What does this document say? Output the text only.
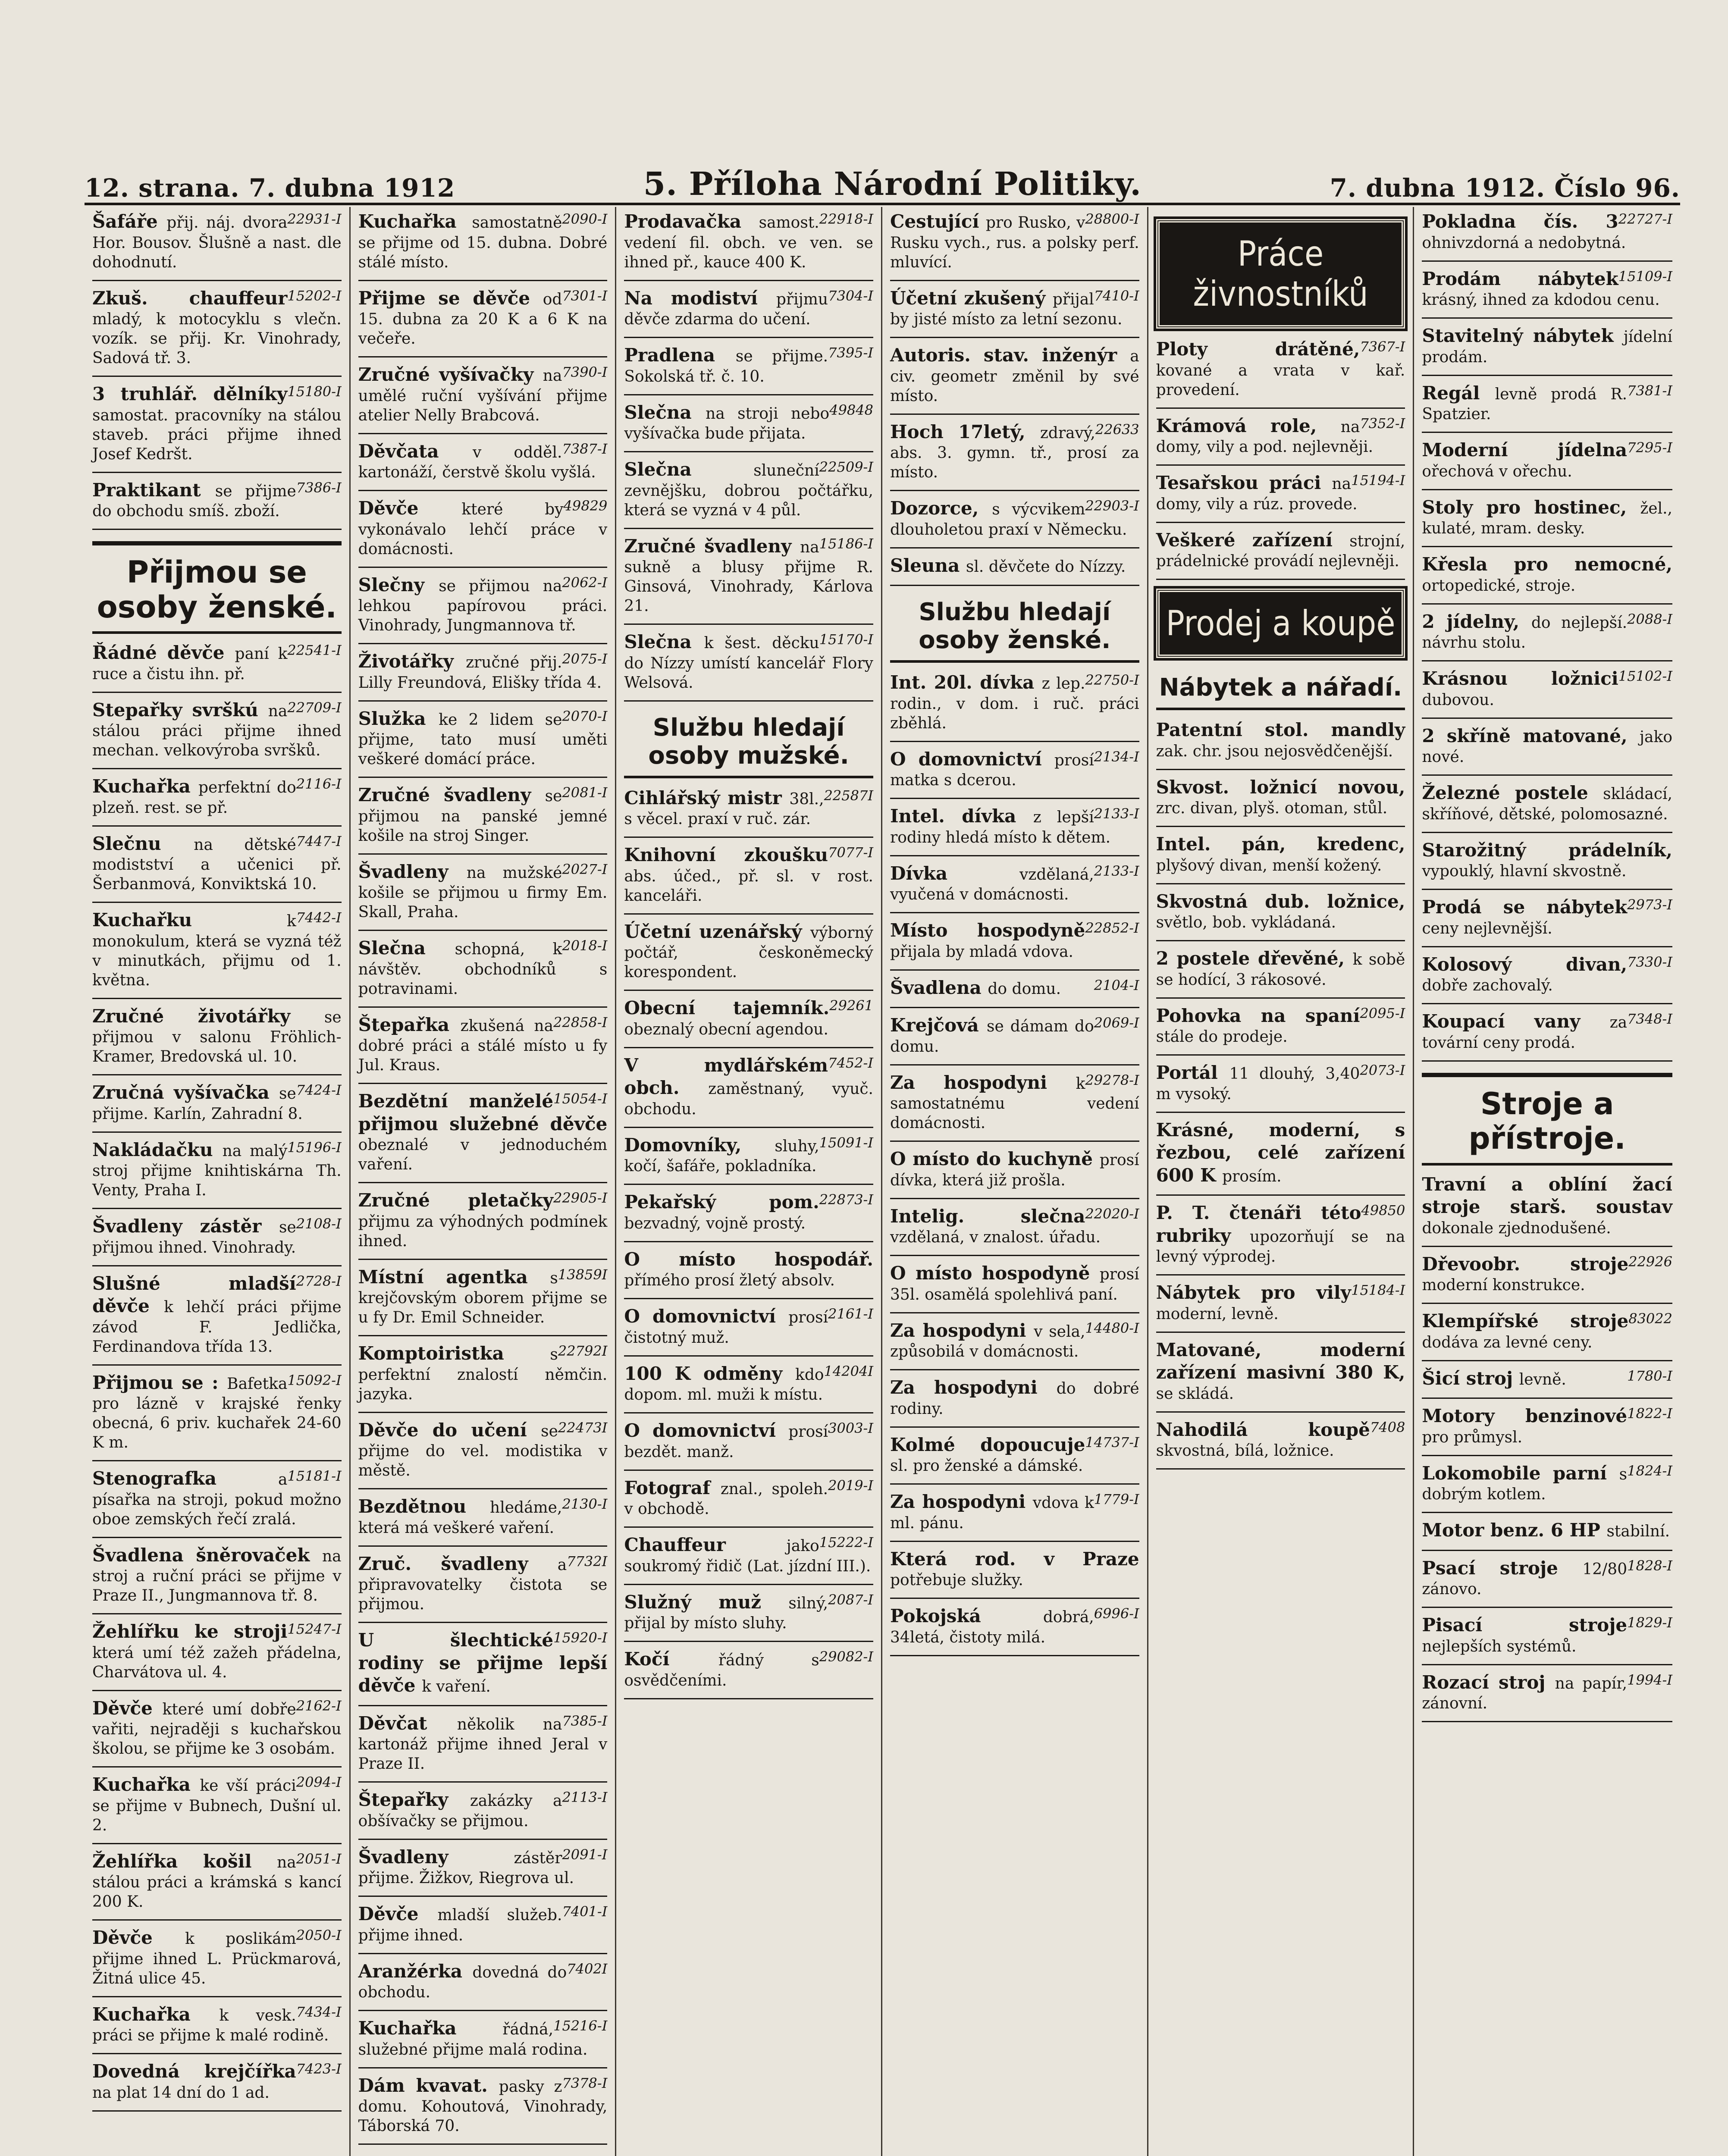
12. strana. 7. dubna 1912	5. Příloha Národní Politiky.	7. dubna 1912. Číslo 96.
22931-I
Šafáře přij. náj. dvora Hor. Bousov. Šlušně a nast. dle dohodnutí.
15202-I
Zkuš. chauffeur mladý, k motocyklu s vlečn. vozík. se přij. Kr. Vinohrady, Sadová tř. 3.
15180-I
3 truhlář. dělníky samostat. pracovníky na stálou staveb. práci přijme ihned Josef Kedršt.
7386-I
Praktikant se přijme do obchodu smíš. zboží.
Přijmou se osoby ženské.
22541-I
Řádné děvče paní k ruce a čistu ihn. př.
22709-I
Stepařky svrškú na stálou práci přijme ihned mechan. velkovýroba svršků.
2116-I
Kuchařka perfektní do plzeň. rest. se př.
7447-I
Slečnu na dětské modistství a učenici př. Šerbanmová, Konviktská 10.
7442-I
Kuchařku k monokulum, která se vyzná též v minutkách, přijmu od 1. května.
Zručné životářky se přijmou v salonu Fröhlich-Kramer, Bredovská ul. 10.
7424-I
Zručná vyšívačka se přijme. Karlín, Zahradní 8.
15196-I
Nakládačku na malý stroj přijme knihtiskárna Th. Venty, Praha I.
2108-I
Švadleny zástěr se přijmou ihned. Vinohrady.
2728-I
Slušné mladší děvče k lehčí práci přijme závod F. Jedlička, Ferdinandova třída 13.
15092-I
Přijmou se : Bafetka pro lázně v krajské řenky obecná, 6 priv. kuchařek 24-60 K m.
15181-I
Stenografka a písařka na stroji, pokud možno oboe zemských řečí zralá.
Švadlena šněrovaček na stroj a ruční práci se přijme v Praze II., Jungmannova tř. 8.
15247-I
Žehlířku ke stroji která umí též zažeh přádelna, Charvátova ul. 4.
2162-I
Děvče které umí dobře vařiti, nejraději s kuchařskou školou, se přijme ke 3 osobám.
2094-I
Kuchařka ke vší práci se přijme v Bubnech, Dušní ul. 2.
2051-I
Žehlířka košil na stálou práci a krámská s kancí 200 K.
2050-I
Děvče k poslikám přijme ihned L. Prückmarová, Žitná ulice 45.
7434-I
Kuchařka k vesk. práci se přijme k malé rodině.
7423-I
Dovedná krejčířka na plat 14 dní do 1 ad.
2090-I
Kuchařka samostatně se přijme od 15. dubna. Dobré stálé místo.
7301-I
Přijme se děvče od 15. dubna za 20 K a 6 K na večeře.
7390-I
Zručné vyšívačky na umělé ruční vyšívání přijme atelier Nelly Brabcová.
7387-I
Děvčata v odděl. kartonáží, čerstvě školu vyšlá.
49829
Děvče které by vykonávalo lehčí práce v domácnosti.
2062-I
Slečny se přijmou na lehkou papírovou práci. Vinohrady, Jungmannova tř.
2075-I
Životářky zručné přij. Lilly Freundová, Elišky třída 4.
2070-I
Služka ke 2 lidem se přijme, tato musí uměti veškeré domácí práce.
2081-I
Zručné švadleny se přijmou na panské jemné košile na stroj Singer.
2027-I
Švadleny na mužské košile se přijmou u firmy Em. Skall, Praha.
2018-I
Slečna schopná, k návštěv. obchodníků s potravinami.
22858-I
Štepařka zkušená na dobré práci a stálé místo u fy Jul. Kraus.
15054-I
Bezdětní manželé přijmou služebné děvče obeznalé v jednoduchém vaření.
22905-I
Zručné pletačky přijmu za výhodných podmínek ihned.
13859I
Místní agentka s krejčovským oborem přijme se u fy Dr. Emil Schneider.
22792I
Komptoiristka s perfektní znalostí němčin. jazyka.
22473I
Děvče do učení se přijme do vel. modistika v městě.
2130-I
Bezdětnou hledáme, která má veškeré vaření.
7732I
Zruč. švadleny a připravovatelky čistota se přijmou.
15920-I
U šlechtické rodiny se přijme lepší děvče k vaření.
7385-I
Děvčat několik na kartonáž přijme ihned Jeral v Praze II.
2113-I
Štepařky zakázky a obšívačky se přijmou.
2091-I
Švadleny zástěr přijme. Žižkov, Riegrova ul.
7401-I
Děvče mladší služeb. přijme ihned.
7402I
Aranžérka dovedná do obchodu.
15216-I
Kuchařka řádná, služebné přijme malá rodina.
7378-I
Dám kvavat. pasky z domu. Kohoutová, Vinohrady, Táborská 70.
22918-I
Prodavačka samost. vedení fil. obch. ve ven. se ihned př., kauce 400 K.
7304-I
Na modiství přijmu děvče zdarma do učení.
7395-I
Pradlena se přijme. Sokolská tř. č. 10.
49848
Slečna na stroji nebo vyšívačka bude přijata.
22509-I
Slečna sluneční zevnějšku, dobrou počtářku, která se vyzná v 4 půl.
15186-I
Zručné švadleny na sukně a blusy přijme R. Ginsová, Vinohrady, Kárlova 21.
15170-I
Slečna k šest. děcku do Nízzy umístí kancelář Flory Welsová.
Službu hledají osoby mužské.
22587I
Cihlářský mistr 38l., s věcel. praxí v ruč. zár.
7077-I
Knihovní zkoušku abs. účed., př. sl. v rost. kanceláři.
Účetní uzenářský výborný počtář, českoněmecký korespondent.
29261
Obecní tajemník. obeznalý obecní agendou.
7452-I
V mydlářském obch. zaměstnaný, vyuč. obchodu.
15091-I
Domovníky, sluhy, kočí, šafáře, pokladníka.
22873-I
Pekařský pom. bezvadný, vojně prostý.
O místo hospodář. přímého prosí žletý absolv.
2161-I
O domovnictví prosí čistotný muž.
14204I
100 K odměny kdo dopom. ml. muži k místu.
3003-I
O domovnictví prosí bezdět. manž.
2019-I
Fotograf znal., spoleh. v obchodě.
15222-I
Chauffeur jako soukromý řidič (Lat. jízdní III.).
2087-I
Služný muž silný, přijal by místo sluhy.
29082-I
Kočí řádný s osvědčeními.
28800-I
Cestující pro Rusko, v Rusku vych., rus. a polsky perf. mluvící.
7410-I
Účetní zkušený přijal by jisté místo za letní sezonu.
Autoris. stav. inženýr a civ. geometr změnil by své místo.
22633
Hoch 17letý, zdravý, abs. 3. gymn. tř., prosí za místo.
22903-I
Dozorce, s výcvikem dlouholetou praxí v Německu.
Sleuna sl. děvčete do Nízzy.
Službu hledají osoby ženské.
22750-I
Int. 20l. dívka z lep. rodin., v dom. i ruč. práci zběhlá.
2134-I
O domovnictví prosí matka s dcerou.
2133-I
Intel. dívka z lepší rodiny hledá místo k dětem.
2133-I
Dívka vzdělaná, vyučená v domácnosti.
22852-I
Místo hospodyně přijala by mladá vdova.
2104-I
Švadlena do domu.
2069-I
Krejčová se dámam do domu.
29278-I
Za hospodyni k samostatnému vedení domácnosti.
O místo do kuchyně prosí dívka, která již prošla.
22020-I
Intelig. slečna vzdělaná, v znalost. úřadu.
O místo hospodyně prosí 35l. osamělá spolehlivá paní.
14480-I
Za hospodyni v sela, způsobilá v domácnosti.
Za hospodyni do dobré rodiny.
14737-I
Kolmé dopoucuje sl. pro ženské a dámské.
1779-I
Za hospodyni vdova k ml. pánu.
Která rod. v Praze potřebuje služky.
6996-I
Pokojská dobrá, 34letá, čistoty milá.
Práce živnostníků
7367-I
Ploty drátěné, kované a vrata v kař. provedení.
7352-I
Krámová role, na domy, vily a pod. nejlevněji.
15194-I
Tesařskou práci na domy, vily a rúz. provede.
Veškeré zařízení strojní, prádelnické provádí nejlevněji.
Prodej a koupě
Nábytek a nářadí.
Patentní stol. mandly zak. chr. jsou nejosvědčenější.
Skvost. ložnicí novou, zrc. divan, plyš. otoman, stůl.
Intel. pán, kredenc, plyšový divan, menší kožený.
Skvostná dub. ložnice, světlo, bob. vykládaná.
2 postele dřevěné, k sobě se hodící, 3 rákosové.
2095-I
Pohovka na spaní stále do prodeje.
2073-I
Portál 11 dlouhý, 3,40 m vysoký.
Krásné, moderní, s řezbou, celé zařízení 600 K prosím.
49850
P. T. čtenáři této rubriky upozorňují se na levný výprodej.
15184-I
Nábytek pro vily moderní, levně.
Matované, moderní zařízení masivní 380 K, se skládá.
7408
Nahodilá koupě skvostná, bílá, ložnice.
22727-I
Pokladna čís. 3 ohnivzdorná a nedobytná.
15109-I
Prodám nábytek krásný, ihned za kdodou cenu.
Stavitelný nábytek jídelní prodám.
7381-I
Regál levně prodá R. Spatzier.
7295-I
Moderní jídelna ořechová v ořechu.
Stoly pro hostinec, žel., kulaté, mram. desky.
Křesla pro nemocné, ortopedické, stroje.
2088-I
2 jídelny, do nejlepší. návrhu stolu.
15102-I
Krásnou ložnici dubovou.
2 skříně matované, jako nové.
Železné postele skládací, skříňové, dětské, polomosazné.
Starožitný prádelník, vypouklý, hlavní skvostně.
2973-I
Prodá se nábytek ceny nejlevnější.
7330-I
Kolosový divan, dobře zachovalý.
7348-I
Koupací vany za tovární ceny prodá.
Stroje a přístroje.
Travní a oblíní žací stroje starš. soustav dokonale zjednodušené.
22926
Dřevoobr. stroje moderní konstrukce.
83022
Klempířské stroje dodáva za levné ceny.
1780-I
Šicí stroj levně.
1822-I
Motory benzinové pro průmysl.
1824-I
Lokomobile parní s dobrým kotlem.
Motor benz. 6 HP stabilní.
1828-I
Psací stroje 12/80 zánovo.
1829-I
Pisací stroje nejlepších systémů.
1994-I
Rozací stroj na papír, zánovní.
